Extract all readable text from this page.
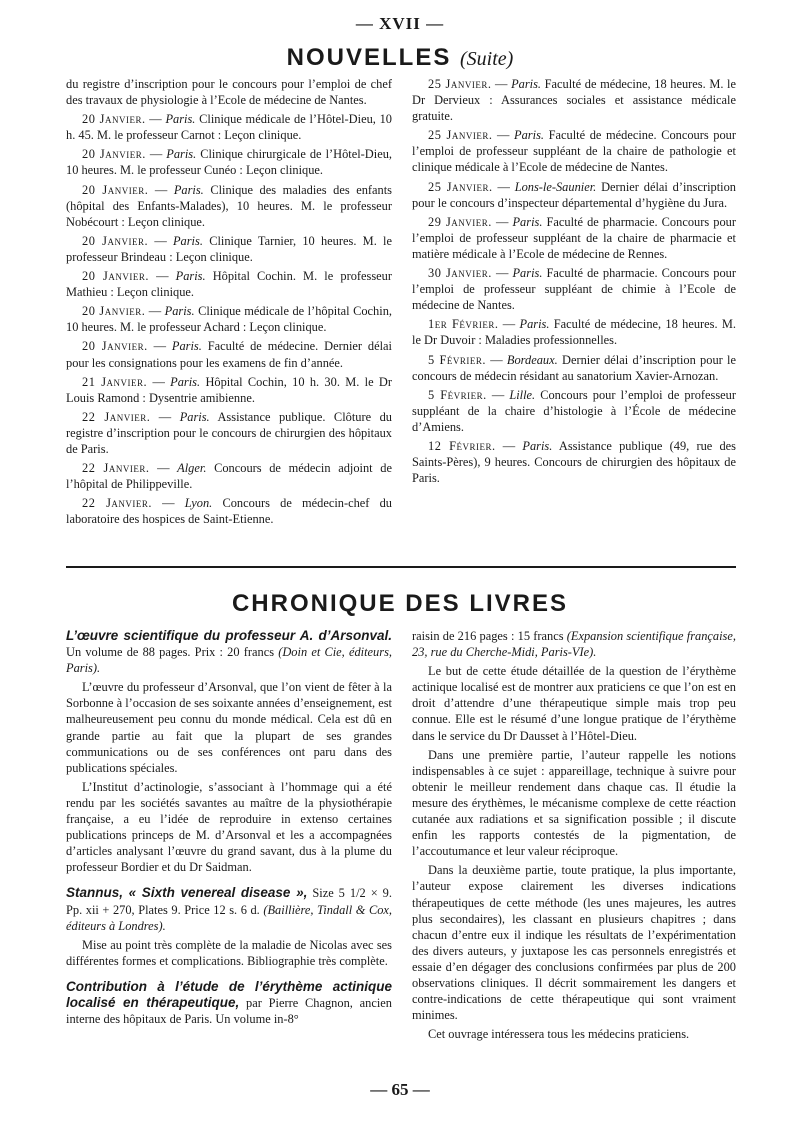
— XVII —
NOUVELLES (Suite)

du registre d’inscription pour le concours pour l’emploi de chef des travaux de physiologie à l’Ecole de médecine de Nantes.

20 Janvier. — Paris. Clinique médicale de l’Hôtel-Dieu, 10 h. 45. M. le professeur Carnot : Leçon clinique.

20 Janvier. — Paris. Clinique chirurgicale de l’Hôtel-Dieu, 10 heures. M. le professeur Cunéo : Leçon clinique.

20 Janvier. — Paris. Clinique des maladies des enfants (hôpital des Enfants-Malades), 10 heures. M. le professeur Nobécourt : Leçon clinique.

20 Janvier. — Paris. Clinique Tarnier, 10 heures. M. le professeur Brindeau : Leçon clinique.

20 Janvier. — Paris. Hôpital Cochin. M. le professeur Mathieu : Leçon clinique.

20 Janvier. — Paris. Clinique médicale de l’hôpital Cochin, 10 heures. M. le professeur Achard : Leçon clinique.

20 Janvier. — Paris. Faculté de médecine. Dernier délai pour les consignations pour les examens de fin d’année.

21 Janvier. — Paris. Hôpital Cochin, 10 h. 30. M. le Dr Louis Ramond : Dysentrie amibienne.

22 Janvier. — Paris. Assistance publique. Clôture du registre d’inscription pour le concours de chirurgien des hôpitaux de Paris.

22 Janvier. — Alger. Concours de médecin adjoint de l’hôpital de Philippeville.

22 Janvier. — Lyon. Concours de médecin-chef du laboratoire des hospices de Saint-Etienne.

25 Janvier. — Paris. Faculté de médecine, 18 heures. M. le Dr Dervieux : Assurances sociales et assistance médicale gratuite.

25 Janvier. — Paris. Faculté de médecine. Concours pour l’emploi de professeur suppléant de la chaire de pathologie et clinique médicale à l’Ecole de médecine de Nantes.

25 Janvier. — Lons-le-Saunier. Dernier délai d’inscription pour le concours d’inspecteur départemental d’hygiène du Jura.

29 Janvier. — Paris. Faculté de pharmacie. Concours pour l’emploi de professeur suppléant de la chaire de pharmacie et matière médicale à l’Ecole de médecine de Rennes.

30 Janvier. — Paris. Faculté de pharmacie. Concours pour l’emploi de professeur suppléant de chimie à l’Ecole de médecine de Nantes.

1er Février. — Paris. Faculté de médecine, 18 heures. M. le Dr Duvoir : Maladies professionnelles.

5 Février. — Bordeaux. Dernier délai d’inscription pour le concours de médecin résidant au sanatorium Xavier-Arnozan.

5 Février. — Lille. Concours pour l’emploi de professeur suppléant de la chaire d’histologie à l’École de médecine d’Amiens.

12 Février. — Paris. Assistance publique (49, rue des Saints-Pères), 9 heures. Concours de chirurgien des hôpitaux de Paris.

CHRONIQUE DES LIVRES

L’œuvre scientifique du professeur A. d’Arsonval. Un volume de 88 pages. Prix : 20 francs (Doin et Cie, éditeurs, Paris).

L’œuvre du professeur d’Arsonval, que l’on vient de fêter à la Sorbonne à l’occasion de ses soixante années d’enseignement, est malheureusement peu connu du monde médical. Cela est dû en grande partie au fait que la plupart de ses grandes communications ou de ses conférences ont paru dans des publications spéciales.

L’Institut d’actinologie, s’associant à l’hommage qui a été rendu par les sociétés savantes au maître de la physiothérapie française, a eu l’idée de reproduire in extenso certaines publications princeps de M. d’Arsonval et les a accompagnées d’articles analysant l’œuvre du grand savant, dus à la plume du professeur Bordier et du Dr Saidman.

Stannus, « Sixth venereal disease », Size 5 1/2 × 9. Pp. xii + 270, Plates 9. Price 12 s. 6 d. (Baillière, Tindall & Cox, éditeurs à Londres).

Mise au point très complète de la maladie de Nicolas avec ses différentes formes et complications. Bibliographie très complète.

Contribution à l’étude de l’érythème actinique localisé en thérapeutique, par Pierre Chagnon, ancien interne des hôpitaux de Paris. Un volume in-8°

raisin de 216 pages : 15 francs (Expansion scientifique française, 23, rue du Cherche-Midi, Paris-VIe).

Le but de cette étude détaillée de la question de l’érythème actinique localisé est de montrer aux praticiens ce que l’on est en droit d’attendre d’une thérapeutique simple mais trop peu connue. Elle est le résumé d’une longue pratique de l’érythème dans le service du Dr Dausset à l’Hôtel-Dieu.

Dans une première partie, l’auteur rappelle les notions indispensables à ce sujet : appareillage, technique à suivre pour obtenir le meilleur rendement dans chaque cas. Il étudie la mesure des érythèmes, le mécanisme complexe de cette réaction cutanée aux radiations et sa signification possible ; il discute enfin les rapports contestés de la pigmentation, de l’accoutumance et leur valeur réciproque.

Dans la deuxième partie, toute pratique, la plus importante, l’auteur expose clairement les diverses indications thérapeutiques de cette méthode (les unes majeures, les autres plus secondaires), les classant en plusieurs chapitres ; dans chacun d’entre eux il indique les résultats de l’expérimentation des divers auteurs, y juxtapose les cas personnels enregistrés et essaie d’en dégager des conclusions confirmées par plus de 200 observations cliniques. Il décrit sommairement les dangers et contre-indications de cette thérapeutique qui sont vraiment minimes.

Cet ouvrage intéressera tous les médecins praticiens.

— 65 —
